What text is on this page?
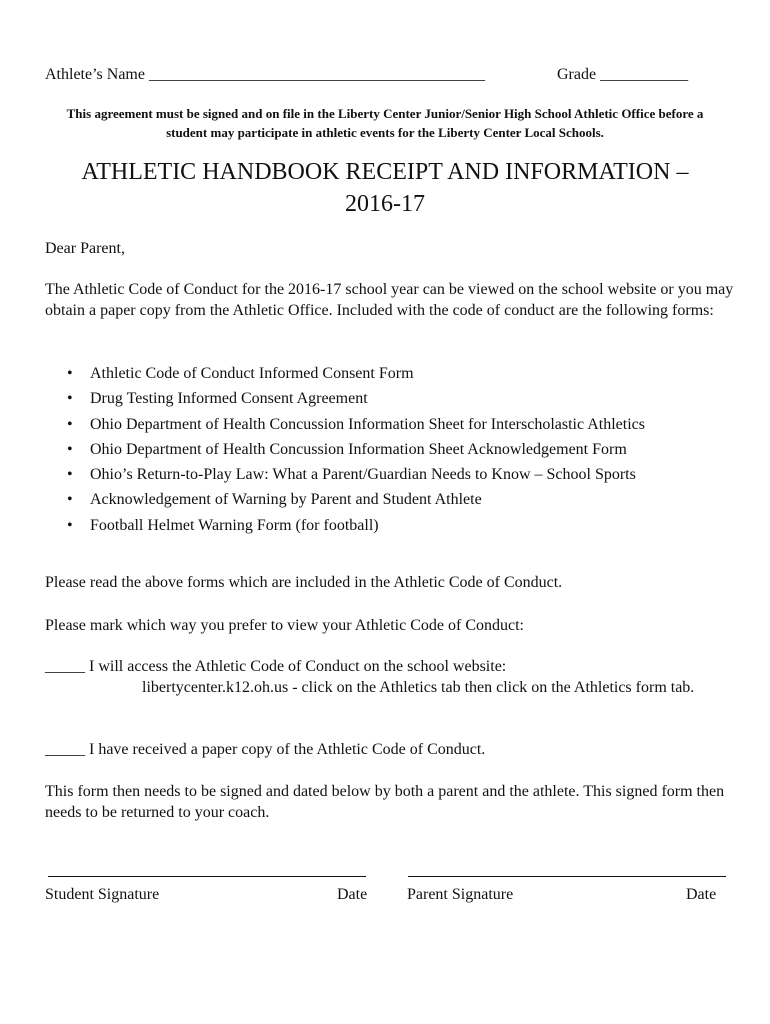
Athlete’s Name __________________________________________	Grade ___________
This agreement must be signed and on file in the Liberty Center Junior/Senior High School Athletic Office before a student may participate in athletic events for the Liberty Center Local Schools.
ATHLETIC HANDBOOK RECEIPT AND INFORMATION –
2016-17
Dear Parent,
The Athletic Code of Conduct for the 2016-17 school year can be viewed on the school website or you may obtain a paper copy from the Athletic Office. Included with the code of conduct are the following forms:
• Athletic Code of Conduct Informed Consent Form
• Drug Testing Informed Consent Agreement
• Ohio Department of Health Concussion Information Sheet for Interscholastic Athletics
• Ohio Department of Health Concussion Information Sheet Acknowledgement Form
• Ohio’s Return-to-Play Law: What a Parent/Guardian Needs to Know – School Sports
• Acknowledgement of Warning by Parent and Student Athlete
• Football Helmet Warning Form (for football)
Please read the above forms which are included in the Athletic Code of Conduct.
Please mark which way you prefer to view your Athletic Code of Conduct:
_____ I will access the Athletic Code of Conduct on the school website:
libertycenter.k12.oh.us - click on the Athletics tab then click on the Athletics form tab.
_____ I have received a paper copy of the Athletic Code of Conduct.
This form then needs to be signed and dated below by both a parent and the athlete. This signed form then needs to be returned to your coach.
Student Signature	Date Parent Signature	Date
